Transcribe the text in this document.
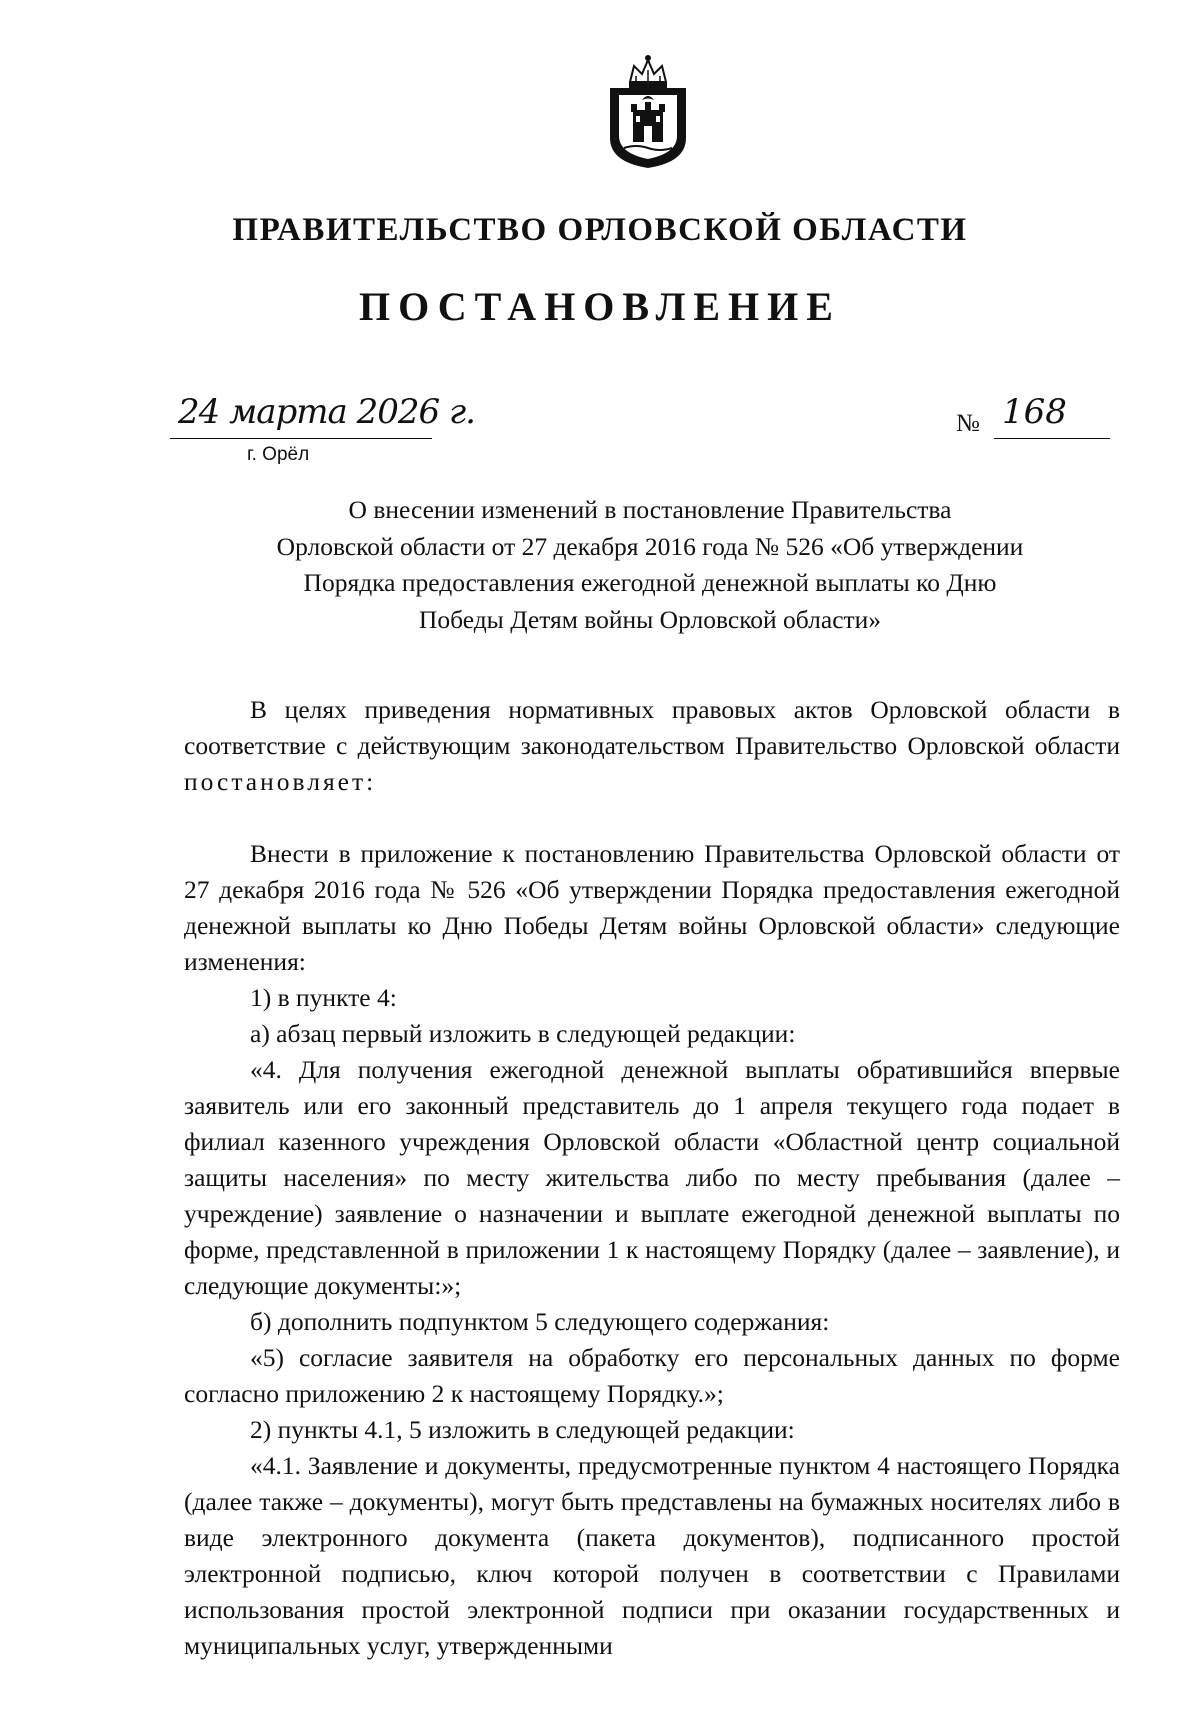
ПРАВИТЕЛЬСТВО ОРЛОВСКОЙ ОБЛАСТИ
ПОСТАНОВЛЕНИЕ
24 марта 2026 г.
г. Орёл
№ 168
О внесении изменений в постановление Правительства
Орловской области от 27 декабря 2016 года № 526 «Об утверждении
Порядка предоставления ежегодной денежной выплаты ко Дню
Победы Детям войны Орловской области»

В целях приведения нормативных правовых актов Орловской области в соответствие с действующим законодательством Правительство Орловской области постановляет:

Внести в приложение к постановлению Правительства Орловской области от 27 декабря 2016 года № 526 «Об утверждении Порядка предоставления ежегодной денежной выплаты ко Дню Победы Детям войны Орловской области» следующие изменения:

1) в пункте 4:

а) абзац первый изложить в следующей редакции:

«4. Для получения ежегодной денежной выплаты обратившийся впервые заявитель или его законный представитель до 1 апреля текущего года подает в филиал казенного учреждения Орловской области «Областной центр социальной защиты населения» по месту жительства либо по месту пребывания (далее – учреждение) заявление о назначении и выплате ежегодной денежной выплаты по форме, представленной в приложении 1 к настоящему Порядку (далее – заявление), и следующие документы:»;

б) дополнить подпунктом 5 следующего содержания:

«5) согласие заявителя на обработку его персональных данных по форме согласно приложению 2 к настоящему Порядку.»;

2) пункты 4.1, 5 изложить в следующей редакции:

«4.1. Заявление и документы, предусмотренные пунктом 4 настоящего Порядка (далее также – документы), могут быть представлены на бумажных носителях либо в виде электронного документа (пакета документов), подписанного простой электронной подписью, ключ которой получен в соответствии с Правилами использования простой электронной подписи при оказании государственных и муниципальных услуг, утвержденными
